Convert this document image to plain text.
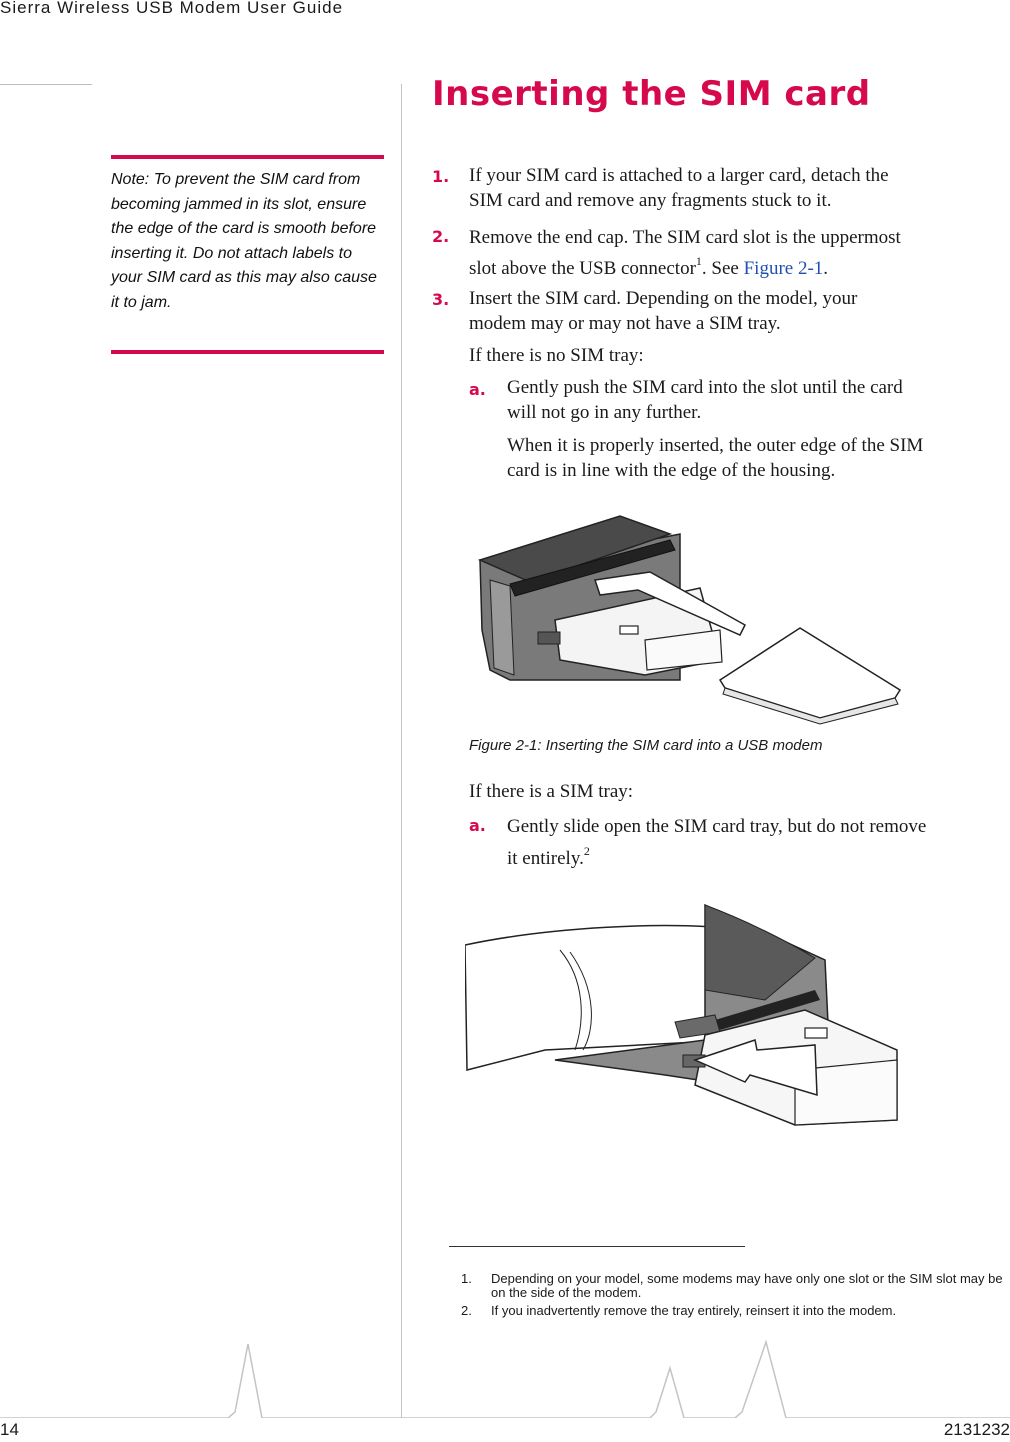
Sierra Wireless USB Modem User Guide
Inserting the SIM card
Note: To prevent the SIM card from becoming jammed in its slot, ensure the edge of the card is smooth before inserting it. Do not attach labels to your SIM card as this may also cause it to jam.
1. If your SIM card is attached to a larger card, detach the
SIM card and remove any fragments stuck to it.
2. Remove the end cap. The SIM card slot is the uppermost
slot above the USB connector$^1$. See Figure 2-1.
3. Insert the SIM card. Depending on the model, your
modem may or may not have a SIM tray.
If there is no SIM tray:
a. Gently push the SIM card into the slot until the card
will not go in any further.
When it is properly inserted, the outer edge of the SIM
card is in line with the edge of the housing.
Figure 2-1: Inserting the SIM card into a USB modem
If there is a SIM tray:
a. Gently slide open the SIM card tray, but do not remove
it entirely.$^2$
1. Depending on your model, some modems may have only one slot or the SIM slot may be on the side of the modem.
2. If you inadvertently remove the tray entirely, reinsert it into the modem.
14	2131232
